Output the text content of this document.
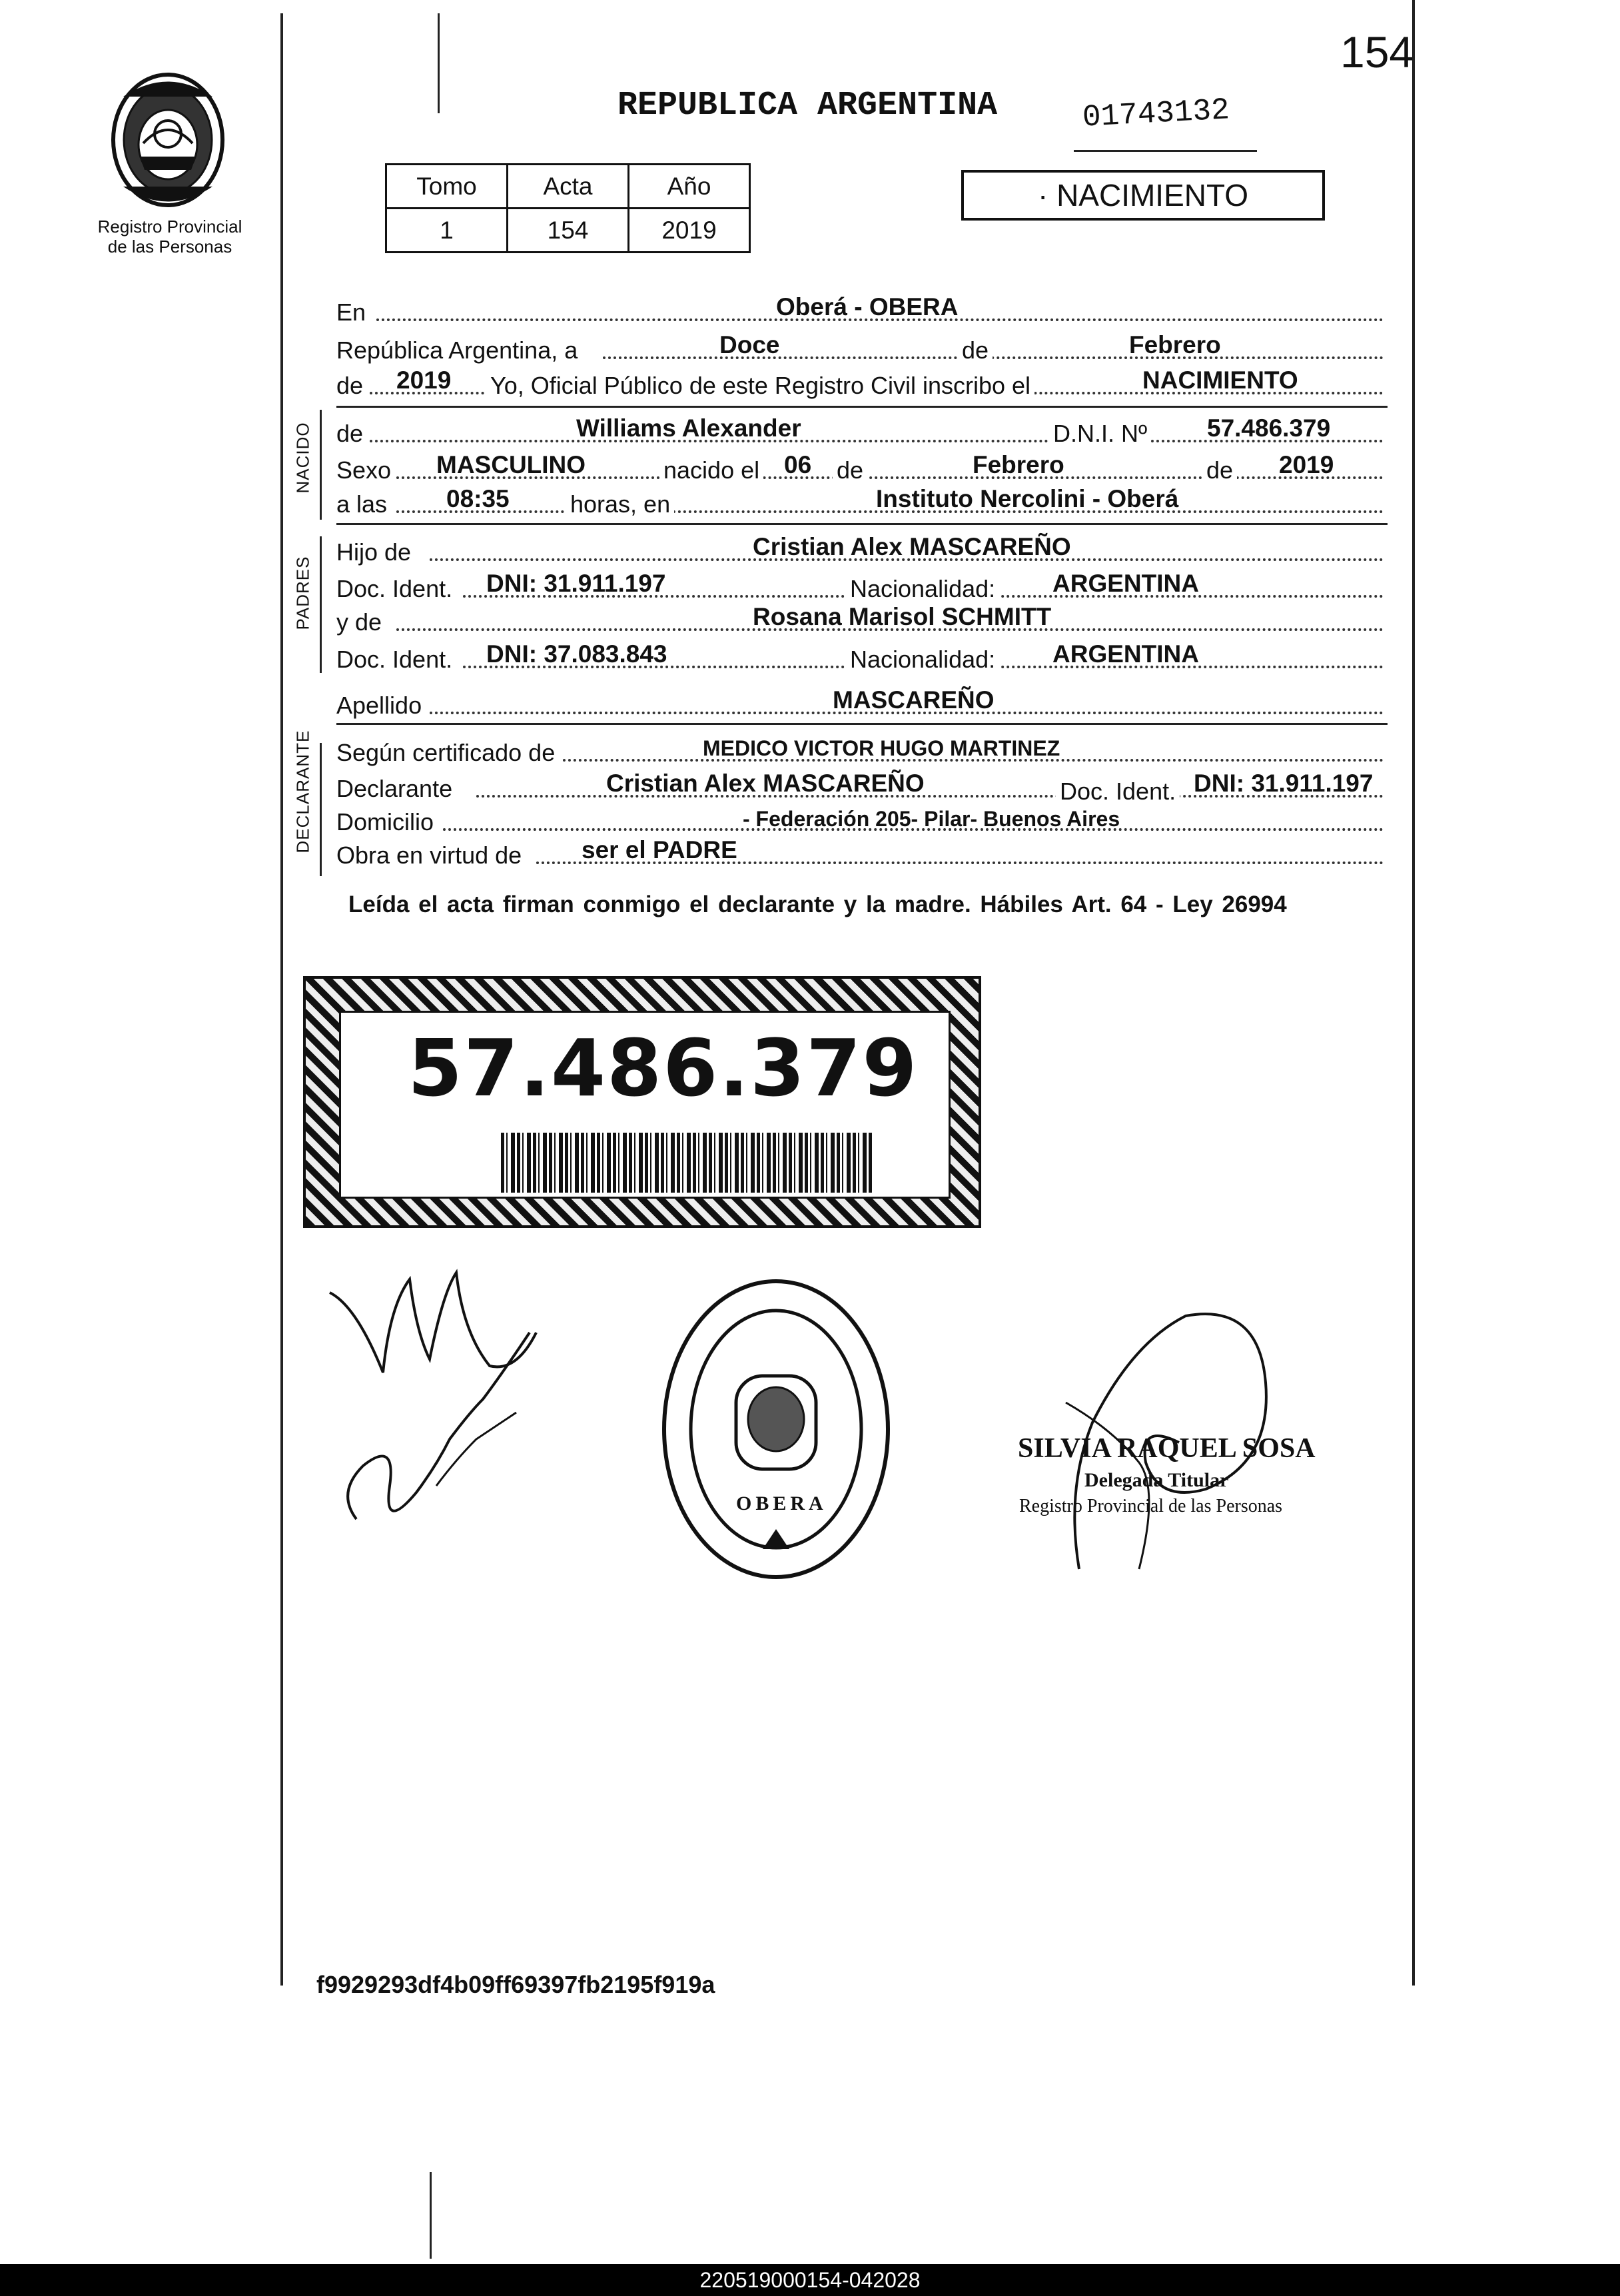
154
Registro Provincial
de las Personas
REPUBLICA ARGENTINA	01743132
Tomo	Acta	Año
1	154	2019
· NACIMIENTO
En	Oberá - OBERA
República Argentina, a	Doce	de	Febrero
de 2019 Yo, Oficial Público de este Registro Civil inscribo el	NACIMIENTO
NACIDO de	Williams Alexander	D.N.I. Nº 57.486.379
Sexo MASCULINO	nacido el 06 de	Febrero	de 2019
a las 08:35	horas, en	Instituto Nercolini - Oberá
PADRES
Hijo de	Cristian Alex MASCAREÑO
Doc. Ident. DNI: 31.911.197	Nacionalidad: ARGENTINA
y de	Rosana Marisol SCHMITT
Doc. Ident. DNI: 37.083.843	Nacionalidad: ARGENTINA
Apellido	MASCAREÑO
DECLARANTE Según certificado de	MEDICO VICTOR HUGO MARTINEZ
Declarante	Cristian Alex MASCAREÑO	Doc. Ident. DNI: 31.911.197
Domicilio	- Federación 205- Pilar- Buenos Aires
Obra en virtud de ser el PADRE
Leída el acta firman conmigo el declarante y la madre. Hábiles Art. 64 - Ley 26994
57.486.379
OBERA
SILVIA RAQUEL SOSA
Delegada Titular
Registro Provincial de las Personas
f9929293df4b09ff69397fb2195f919a
220519000154-042028
